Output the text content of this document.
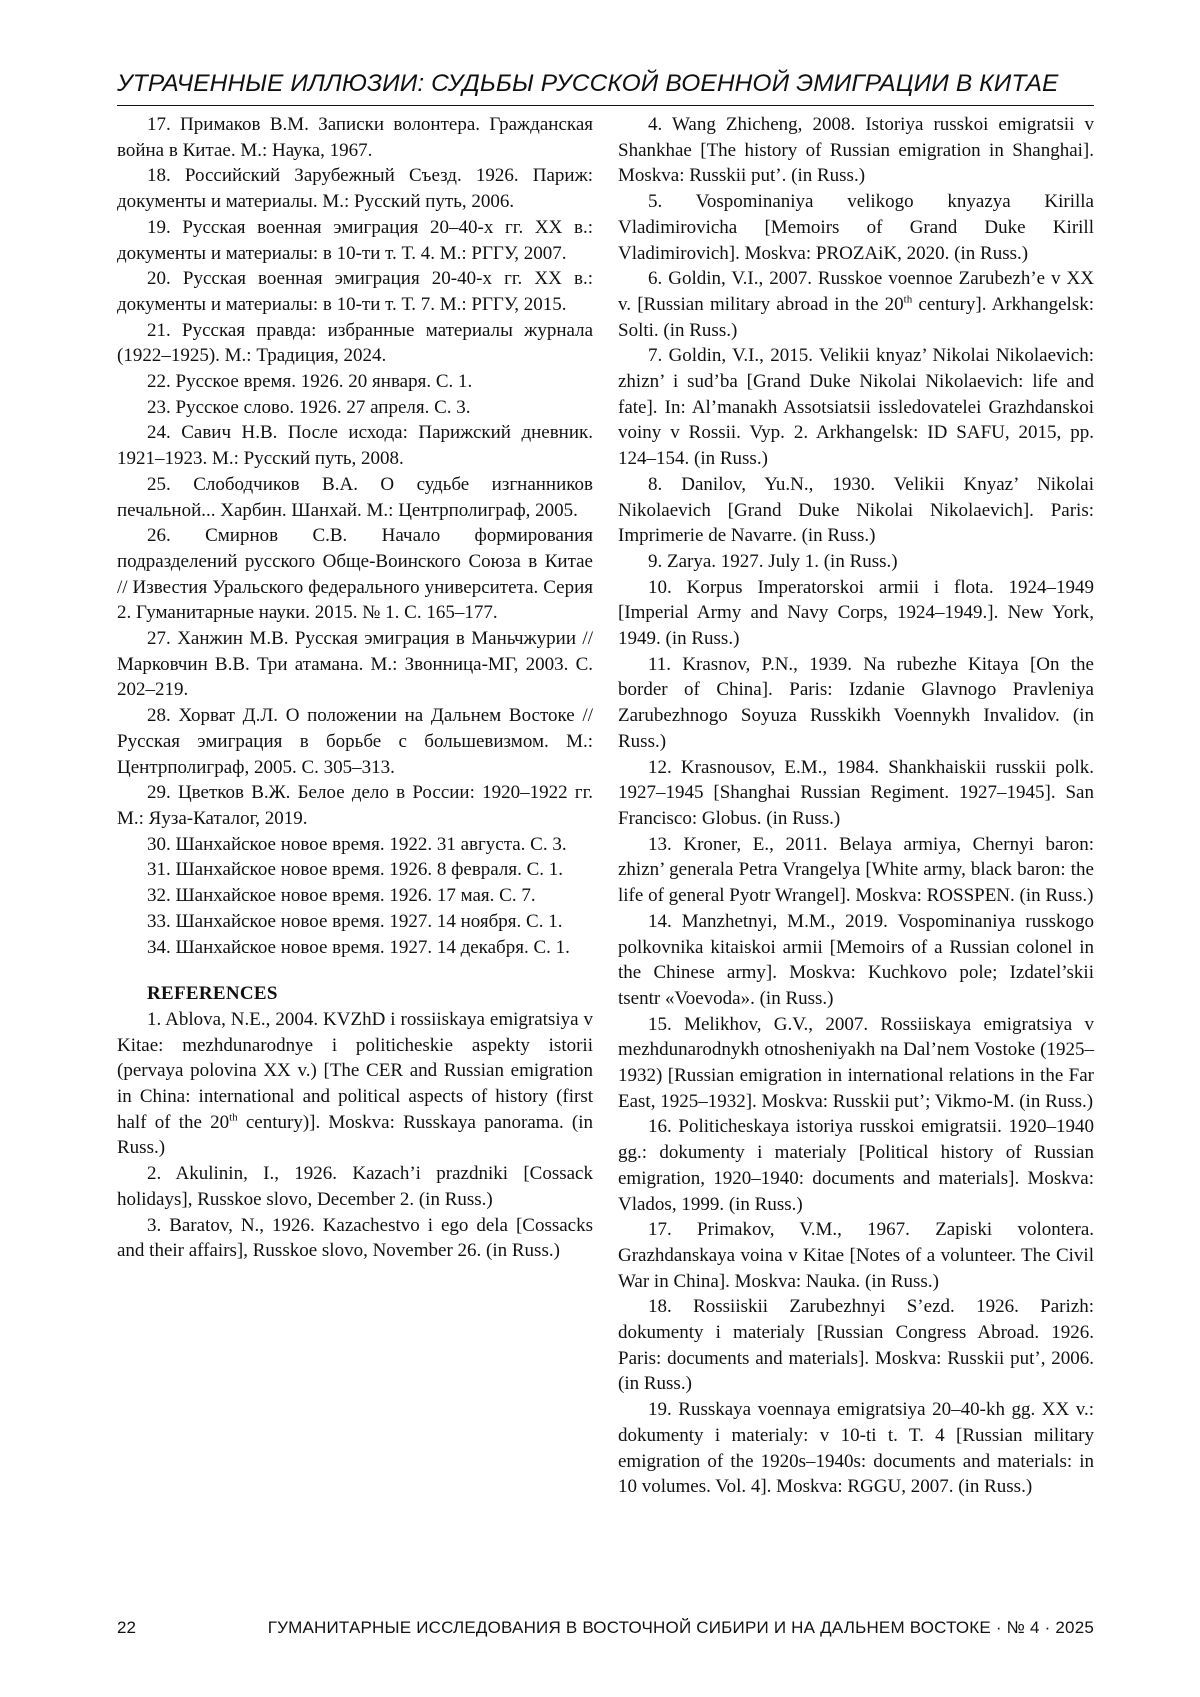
УТРАЧЕННЫЕ ИЛЛЮЗИИ: СУДЬБЫ РУССКОЙ ВОЕННОЙ ЭМИГРАЦИИ В КИТАЕ

17. Примаков В.М. Записки волонтера. Гражданская война в Китае. М.: Наука, 1967.

18. Российский Зарубежный Съезд. 1926. Париж: документы и материалы. М.: Русский путь, 2006.

19. Русская военная эмиграция 20–40-х гг. XX в.: документы и материалы: в 10-ти т. Т. 4. М.: РГГУ, 2007.

20. Русская военная эмиграция 20-40-х гг. XX в.: документы и материалы: в 10-ти т. Т. 7. М.: РГГУ, 2015.

21. Русская правда: избранные материалы журнала (1922–1925). М.: Традиция, 2024.

22. Русское время. 1926. 20 января. С. 1.

23. Русское слово. 1926. 27 апреля. С. 3.

24. Савич Н.В. После исхода: Парижский дневник. 1921–1923. М.: Русский путь, 2008.

25. Слободчиков В.А. О судьбе изгнанников печальной... Харбин. Шанхай. М.: Центрполиграф, 2005.

26. Смирнов С.В. Начало формирования подразделений русского Обще-Воинского Союза в Китае // Известия Уральского федерального университета. Серия 2. Гуманитарные науки. 2015. № 1. С. 165–177.

27. Ханжин М.В. Русская эмиграция в Маньчжурии // Марковчин В.В. Три атамана. М.: Звонница-МГ, 2003. С. 202–219.

28. Хорват Д.Л. О положении на Дальнем Востоке // Русская эмиграция в борьбе с большевизмом. М.: Центрполиграф, 2005. С. 305–313.

29. Цветков В.Ж. Белое дело в России: 1920–1922 гг. М.: Яуза-Каталог, 2019.

30. Шанхайское новое время. 1922. 31 августа. С. 3.

31. Шанхайское новое время. 1926. 8 февраля. С. 1.

32. Шанхайское новое время. 1926. 17 мая. С. 7.

33. Шанхайское новое время. 1927. 14 ноября. С. 1.

34. Шанхайское новое время. 1927. 14 декабря. С. 1.

REFERENCES

1. Ablova, N.E., 2004. KVZhD i rossiiskaya emigratsiya v Kitae: mezhdunarodnye i politicheskie aspekty istorii (pervaya polovina XX v.) [The CER and Russian emigration in China: international and political aspects of history (first half of the 20th century)]. Moskva: Russkaya panorama. (in Russ.)

2. Akulinin, I., 1926. Kazach’i prazdniki [Cossack holidays], Russkoe slovo, December 2. (in Russ.)

3. Baratov, N., 1926. Kazachestvo i ego dela [Cossacks and their affairs], Russkoe slovo, November 26. (in Russ.)

4. Wang Zhicheng, 2008. Istoriya russkoi emigratsii v Shankhae [The history of Russian emigration in Shanghai]. Moskva: Russkii put’. (in Russ.)

5. Vospominaniya velikogo knyazya Kirilla Vladimirovicha [Memoirs of Grand Duke Kirill Vladimirovich]. Moskva: PROZAiK, 2020. (in Russ.)

6. Goldin, V.I., 2007. Russkoe voennoe Zarubezh’e v XX v. [Russian military abroad in the 20th century]. Arkhangelsk: Solti. (in Russ.)

7. Goldin, V.I., 2015. Velikii knyaz’ Nikolai Nikolaevich: zhizn’ i sud’ba [Grand Duke Nikolai Nikolaevich: life and fate]. In: Al’manakh Assotsiatsii issledovatelei Grazhdanskoi voiny v Rossii. Vyp. 2. Arkhangelsk: ID SAFU, 2015, pp. 124–154. (in Russ.)

8. Danilov, Yu.N., 1930. Velikii Knyaz’ Nikolai Nikolaevich [Grand Duke Nikolai Nikolaevich]. Paris: Imprimerie de Navarre. (in Russ.)

9. Zarya. 1927. July 1. (in Russ.)

10. Korpus Imperatorskoi armii i flota. 1924–1949 [Imperial Army and Navy Corps, 1924–1949.]. New York, 1949. (in Russ.)

11. Krasnov, P.N., 1939. Na rubezhe Kitaya [On the border of China]. Paris: Izdanie Glavnogo Pravleniya Zarubezhnogo Soyuza Russkikh Voennykh Invalidov. (in Russ.)

12. Krasnousov, E.M., 1984. Shankhaiskii russkii polk. 1927–1945 [Shanghai Russian Regiment. 1927–1945]. San Francisco: Globus. (in Russ.)

13. Kroner, E., 2011. Belaya armiya, Chernyi baron: zhizn’ generala Petra Vrangelya [White army, black baron: the life of general Pyotr Wrangel]. Moskva: ROSSPEN. (in Russ.)

14. Manzhetnyi, M.M., 2019. Vospominaniya russkogo polkovnika kitaiskoi armii [Memoirs of a Russian colonel in the Chinese army]. Moskva: Kuchkovo pole; Izdatel’skii tsentr «Voevoda». (in Russ.)

15. Melikhov, G.V., 2007. Rossiiskaya emigratsiya v mezhdunarodnykh otnosheniyakh na Dal’nem Vostoke (1925–1932) [Russian emigration in international relations in the Far East, 1925–1932]. Moskva: Russkii put’; Vikmo-M. (in Russ.)

16. Politicheskaya istoriya russkoi emigratsii. 1920–1940 gg.: dokumenty i materialy [Political history of Russian emigration, 1920–1940: documents and materials]. Moskva: Vlados, 1999. (in Russ.)

17. Primakov, V.M., 1967. Zapiski volontera. Grazhdanskaya voina v Kitae [Notes of a volunteer. The Civil War in China]. Moskva: Nauka. (in Russ.)

18. Rossiiskii Zarubezhnyi S’ezd. 1926. Parizh: dokumenty i materialy [Russian Congress Abroad. 1926. Paris: documents and materials]. Moskva: Russkii put’, 2006. (in Russ.)

19. Russkaya voennaya emigratsiya 20–40-kh gg. XX v.: dokumenty i materialy: v 10-ti t. T. 4 [Russian military emigration of the 1920s–1940s: documents and materials: in 10 volumes. Vol. 4]. Moskva: RGGU, 2007. (in Russ.)

22	ГУМАНИТАРНЫЕ ИССЛЕДОВАНИЯ В ВОСТОЧНОЙ СИБИРИ И НА ДАЛЬНЕМ ВОСТОКЕ · № 4 · 2025
